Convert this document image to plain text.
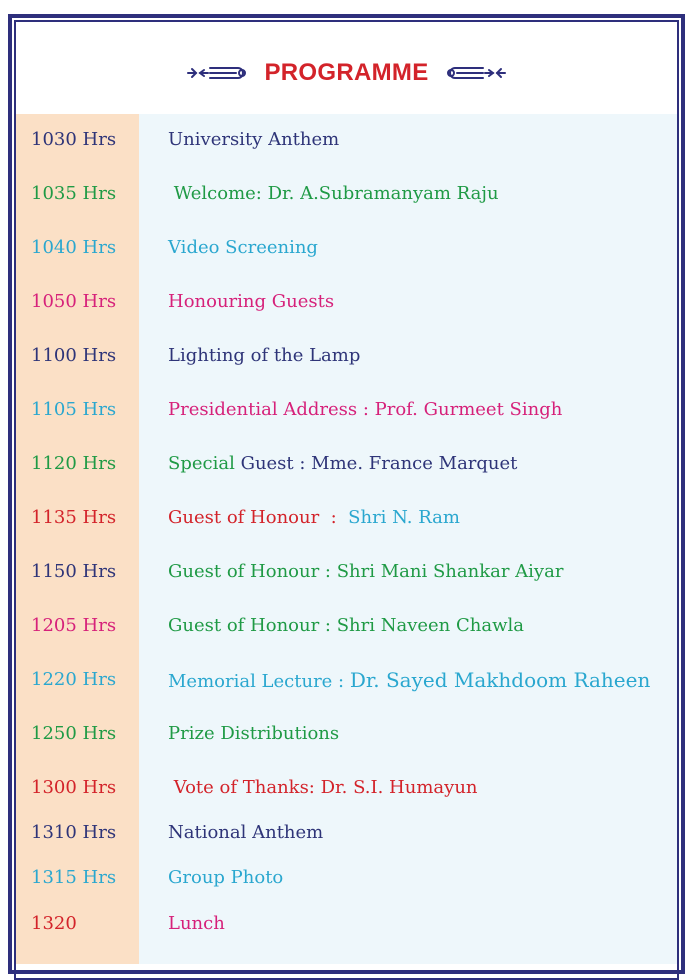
PROGRAMME
1030 Hrs	University Anthem
1035 Hrs	Welcome: Dr. A.Subramanyam Raju
1040 Hrs	Video Screening
1050 Hrs	Honouring Guests
1100 Hrs	Lighting of the Lamp
1105 Hrs	Presidential Address : Prof. Gurmeet Singh
1120 Hrs	Special Guest : Mme. France Marquet
1135 Hrs	Guest of Honour  :  Shri N. Ram
1150 Hrs	Guest of Honour : Shri Mani Shankar Aiyar
1205 Hrs	Guest of Honour : Shri Naveen Chawla
1220 Hrs	Memorial Lecture : Dr. Sayed Makhdoom Raheen
1250 Hrs	Prize Distributions
1300 Hrs	Vote of Thanks: Dr. S.I. Humayun
1310 Hrs	National Anthem
1315 Hrs	Group Photo
1320	Lunch
